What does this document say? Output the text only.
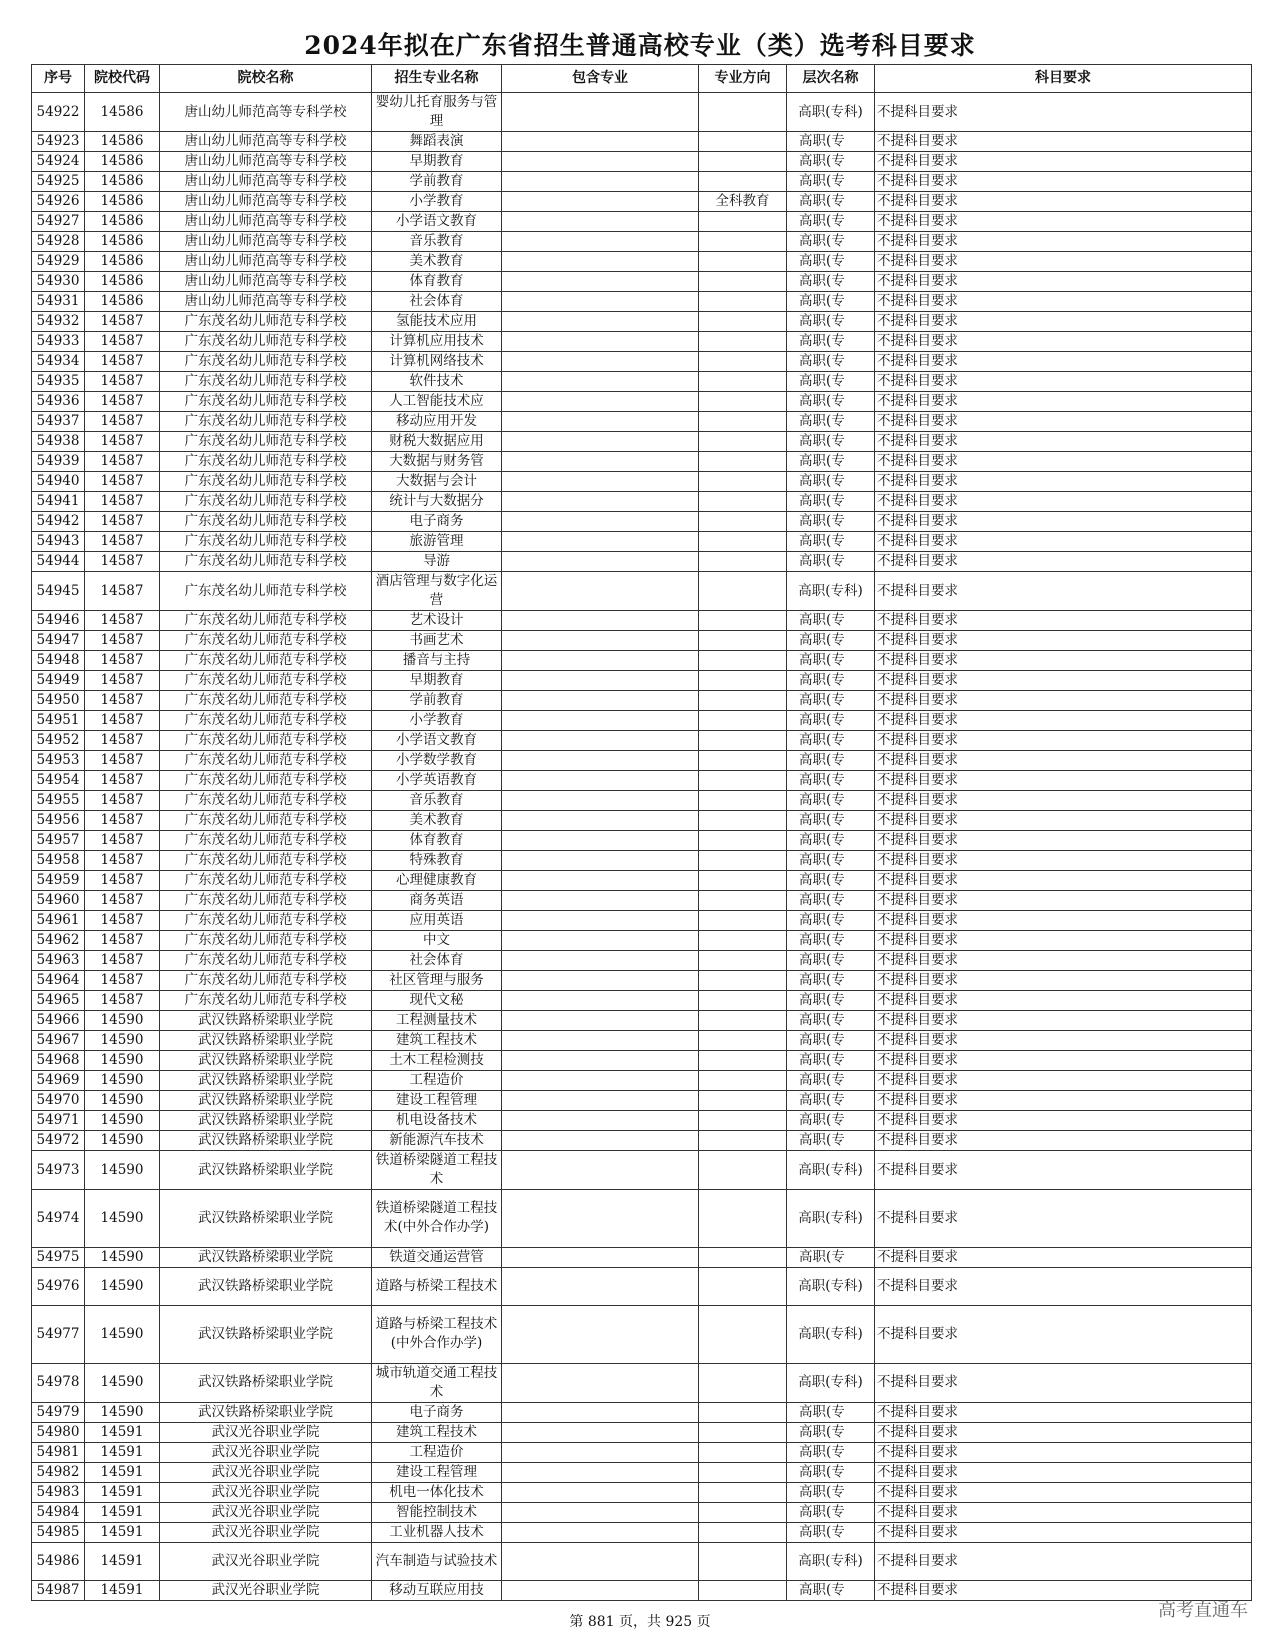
2024年拟在广东省招生普通高校专业（类）选考科目要求
序号	院校代码	院校名称	招生专业名称	包含专业	专业方向	层次名称	科目要求
54922	14586	唐山幼儿师范高等专科学校	婴幼儿托育服务与管理			高职(专科)	不提科目要求
54923	14586	唐山幼儿师范高等专科学校	舞蹈表演			高职(专	不提科目要求
54924	14586	唐山幼儿师范高等专科学校	早期教育			高职(专	不提科目要求
54925	14586	唐山幼儿师范高等专科学校	学前教育			高职(专	不提科目要求
54926	14586	唐山幼儿师范高等专科学校	小学教育		全科教育	高职(专	不提科目要求
54927	14586	唐山幼儿师范高等专科学校	小学语文教育			高职(专	不提科目要求
54928	14586	唐山幼儿师范高等专科学校	音乐教育			高职(专	不提科目要求
54929	14586	唐山幼儿师范高等专科学校	美术教育			高职(专	不提科目要求
54930	14586	唐山幼儿师范高等专科学校	体育教育			高职(专	不提科目要求
54931	14586	唐山幼儿师范高等专科学校	社会体育			高职(专	不提科目要求
54932	14587	广东茂名幼儿师范专科学校	氢能技术应用			高职(专	不提科目要求
54933	14587	广东茂名幼儿师范专科学校	计算机应用技术			高职(专	不提科目要求
54934	14587	广东茂名幼儿师范专科学校	计算机网络技术			高职(专	不提科目要求
54935	14587	广东茂名幼儿师范专科学校	软件技术			高职(专	不提科目要求
54936	14587	广东茂名幼儿师范专科学校	人工智能技术应			高职(专	不提科目要求
54937	14587	广东茂名幼儿师范专科学校	移动应用开发			高职(专	不提科目要求
54938	14587	广东茂名幼儿师范专科学校	财税大数据应用			高职(专	不提科目要求
54939	14587	广东茂名幼儿师范专科学校	大数据与财务管			高职(专	不提科目要求
54940	14587	广东茂名幼儿师范专科学校	大数据与会计			高职(专	不提科目要求
54941	14587	广东茂名幼儿师范专科学校	统计与大数据分			高职(专	不提科目要求
54942	14587	广东茂名幼儿师范专科学校	电子商务			高职(专	不提科目要求
54943	14587	广东茂名幼儿师范专科学校	旅游管理			高职(专	不提科目要求
54944	14587	广东茂名幼儿师范专科学校	导游			高职(专	不提科目要求
54945	14587	广东茂名幼儿师范专科学校	酒店管理与数字化运营			高职(专科)	不提科目要求
54946	14587	广东茂名幼儿师范专科学校	艺术设计			高职(专	不提科目要求
54947	14587	广东茂名幼儿师范专科学校	书画艺术			高职(专	不提科目要求
54948	14587	广东茂名幼儿师范专科学校	播音与主持			高职(专	不提科目要求
54949	14587	广东茂名幼儿师范专科学校	早期教育			高职(专	不提科目要求
54950	14587	广东茂名幼儿师范专科学校	学前教育			高职(专	不提科目要求
54951	14587	广东茂名幼儿师范专科学校	小学教育			高职(专	不提科目要求
54952	14587	广东茂名幼儿师范专科学校	小学语文教育			高职(专	不提科目要求
54953	14587	广东茂名幼儿师范专科学校	小学数学教育			高职(专	不提科目要求
54954	14587	广东茂名幼儿师范专科学校	小学英语教育			高职(专	不提科目要求
54955	14587	广东茂名幼儿师范专科学校	音乐教育			高职(专	不提科目要求
54956	14587	广东茂名幼儿师范专科学校	美术教育			高职(专	不提科目要求
54957	14587	广东茂名幼儿师范专科学校	体育教育			高职(专	不提科目要求
54958	14587	广东茂名幼儿师范专科学校	特殊教育			高职(专	不提科目要求
54959	14587	广东茂名幼儿师范专科学校	心理健康教育			高职(专	不提科目要求
54960	14587	广东茂名幼儿师范专科学校	商务英语			高职(专	不提科目要求
54961	14587	广东茂名幼儿师范专科学校	应用英语			高职(专	不提科目要求
54962	14587	广东茂名幼儿师范专科学校	中文			高职(专	不提科目要求
54963	14587	广东茂名幼儿师范专科学校	社会体育			高职(专	不提科目要求
54964	14587	广东茂名幼儿师范专科学校	社区管理与服务			高职(专	不提科目要求
54965	14587	广东茂名幼儿师范专科学校	现代文秘			高职(专	不提科目要求
54966	14590	武汉铁路桥梁职业学院	工程测量技术			高职(专	不提科目要求
54967	14590	武汉铁路桥梁职业学院	建筑工程技术			高职(专	不提科目要求
54968	14590	武汉铁路桥梁职业学院	土木工程检测技			高职(专	不提科目要求
54969	14590	武汉铁路桥梁职业学院	工程造价			高职(专	不提科目要求
54970	14590	武汉铁路桥梁职业学院	建设工程管理			高职(专	不提科目要求
54971	14590	武汉铁路桥梁职业学院	机电设备技术			高职(专	不提科目要求
54972	14590	武汉铁路桥梁职业学院	新能源汽车技术			高职(专	不提科目要求
54973	14590	武汉铁路桥梁职业学院	铁道桥梁隧道工程技术			高职(专科)	不提科目要求
54974	14590	武汉铁路桥梁职业学院	铁道桥梁隧道工程技术(中外合作办学)			高职(专科)	不提科目要求
54975	14590	武汉铁路桥梁职业学院	铁道交通运营管			高职(专	不提科目要求
54976	14590	武汉铁路桥梁职业学院	道路与桥梁工程技术			高职(专科)	不提科目要求
54977	14590	武汉铁路桥梁职业学院	道路与桥梁工程技术(中外合作办学)			高职(专科)	不提科目要求
54978	14590	武汉铁路桥梁职业学院	城市轨道交通工程技术			高职(专科)	不提科目要求
54979	14590	武汉铁路桥梁职业学院	电子商务			高职(专	不提科目要求
54980	14591	武汉光谷职业学院	建筑工程技术			高职(专	不提科目要求
54981	14591	武汉光谷职业学院	工程造价			高职(专	不提科目要求
54982	14591	武汉光谷职业学院	建设工程管理			高职(专	不提科目要求
54983	14591	武汉光谷职业学院	机电一体化技术			高职(专	不提科目要求
54984	14591	武汉光谷职业学院	智能控制技术			高职(专	不提科目要求
54985	14591	武汉光谷职业学院	工业机器人技术			高职(专	不提科目要求
54986	14591	武汉光谷职业学院	汽车制造与试验技术			高职(专科)	不提科目要求
54987	14591	武汉光谷职业学院	移动互联应用技			高职(专	不提科目要求
第 881 页，共 925 页
高考直通车
